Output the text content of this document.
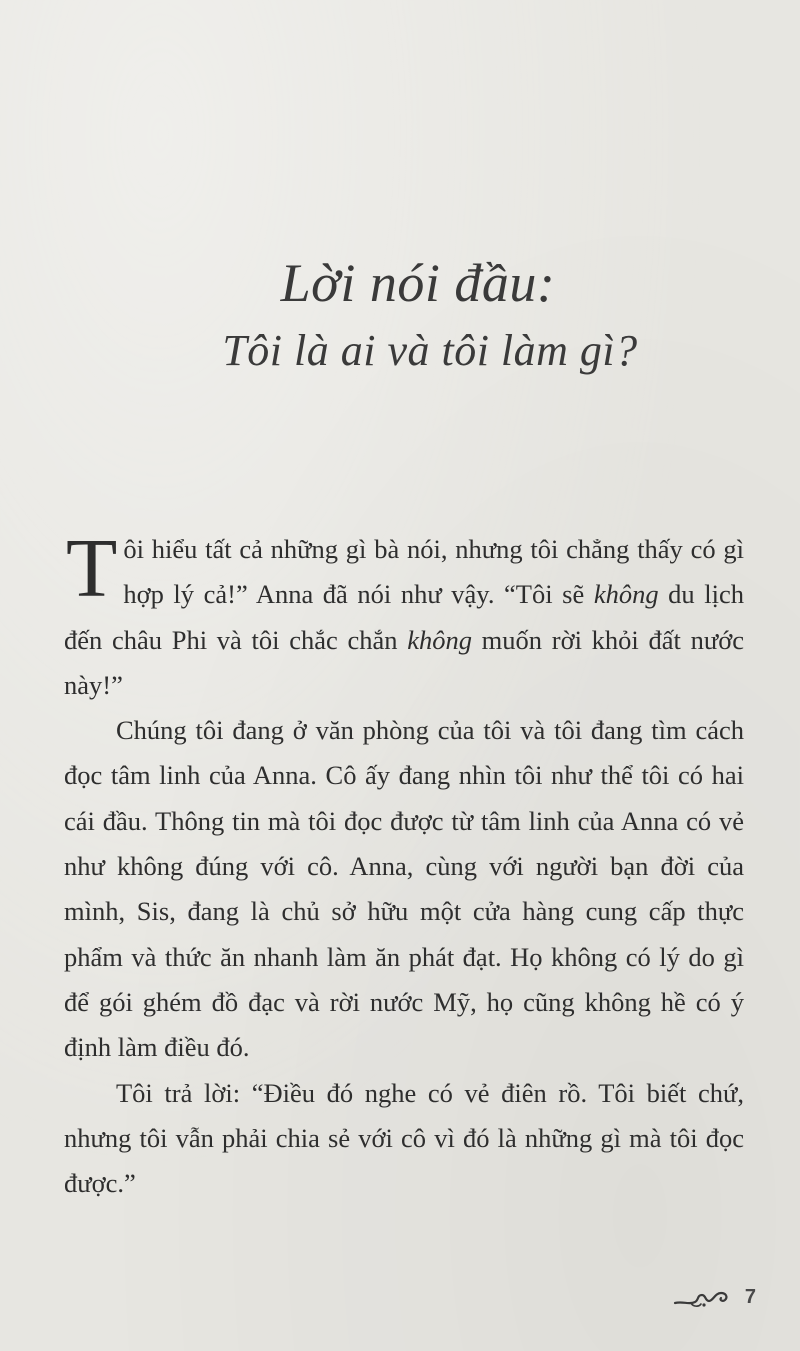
Lời nói đầu:
Tôi là ai và tôi làm gì?

Tôi hiểu tất cả những gì bà nói, nhưng tôi chẳng thấy có gì hợp lý cả!” Anna đã nói như vậy. “Tôi sẽ không du lịch đến châu Phi và tôi chắc chắn không muốn rời khỏi đất nước này!”

Chúng tôi đang ở văn phòng của tôi và tôi đang tìm cách đọc tâm linh của Anna. Cô ấy đang nhìn tôi như thể tôi có hai cái đầu. Thông tin mà tôi đọc được từ tâm linh của Anna có vẻ như không đúng với cô. Anna, cùng với người bạn đời của mình, Sis, đang là chủ sở hữu một cửa hàng cung cấp thực phẩm và thức ăn nhanh làm ăn phát đạt. Họ không có lý do gì để gói ghém đồ đạc và rời nước Mỹ, họ cũng không hề có ý định làm điều đó.

Tôi trả lời: “Điều đó nghe có vẻ điên rồ. Tôi biết chứ, nhưng tôi vẫn phải chia sẻ với cô vì đó là những gì mà tôi đọc được.”

7
